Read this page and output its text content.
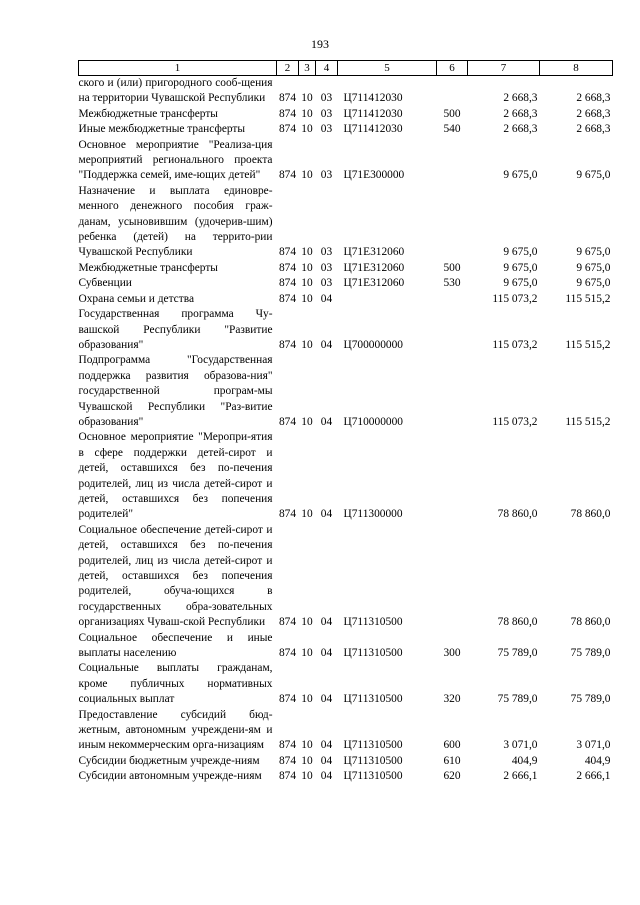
193
1	2	3	4	5	6	7	8
ского и (или) пригородного сооб-щения на территории Чувашской Республики	874	10	03	Ц711412030		2 668,3	2 668,3
Межбюджетные трансферты	874	10	03	Ц711412030	500	2 668,3	2 668,3
Иные межбюджетные трансферты	874	10	03	Ц711412030	540	2 668,3	2 668,3
Основное мероприятие "Реализа-ция мероприятий регионального проекта "Поддержка семей, име-ющих детей"	874	10	03	Ц71Е300000		9 675,0	9 675,0
Назначение и выплата единовре-менного денежного пособия граж-данам, усыновившим (удочерив-шим) ребенка (детей) на террито-рии Чувашской Республики	874	10	03	Ц71Е312060		9 675,0	9 675,0
Межбюджетные трансферты	874	10	03	Ц71Е312060	500	9 675,0	9 675,0
Субвенции	874	10	03	Ц71Е312060	530	9 675,0	9 675,0
Охрана семьи и детства	874	10	04			115 073,2	115 515,2
Государственная программа Чу-вашской Республики "Развитие образования"	874	10	04	Ц700000000		115 073,2	115 515,2
Подпрограмма "Государственная поддержка развития образова-ния" государственной програм-мы Чувашской Республики "Раз-витие образования"	874	10	04	Ц710000000		115 073,2	115 515,2
Основное мероприятие "Меропри-ятия в сфере поддержки детей-сирот и детей, оставшихся без по-печения родителей, лиц из числа детей-сирот и детей, оставшихся без попечения родителей"	874	10	04	Ц711300000		78 860,0	78 860,0
Социальное обеспечение детей-сирот и детей, оставшихся без по-печения родителей, лиц из числа детей-сирот и детей, оставшихся без попечения родителей, обуча-ющихся в государственных обра-зовательных организациях Чуваш-ской Республики	874	10	04	Ц711310500		78 860,0	78 860,0
Социальное обеспечение и иные выплаты населению	874	10	04	Ц711310500	300	75 789,0	75 789,0
Социальные выплаты гражданам, кроме публичных нормативных социальных выплат	874	10	04	Ц711310500	320	75 789,0	75 789,0
Предоставление субсидий бюд-жетным, автономным учреждени-ям и иным некоммерческим орга-низациям	874	10	04	Ц711310500	600	3 071,0	3 071,0
Субсидии бюджетным учрежде-ниям	874	10	04	Ц711310500	610	404,9	404,9
Субсидии автономным учрежде-ниям	874	10	04	Ц711310500	620	2 666,1	2 666,1
